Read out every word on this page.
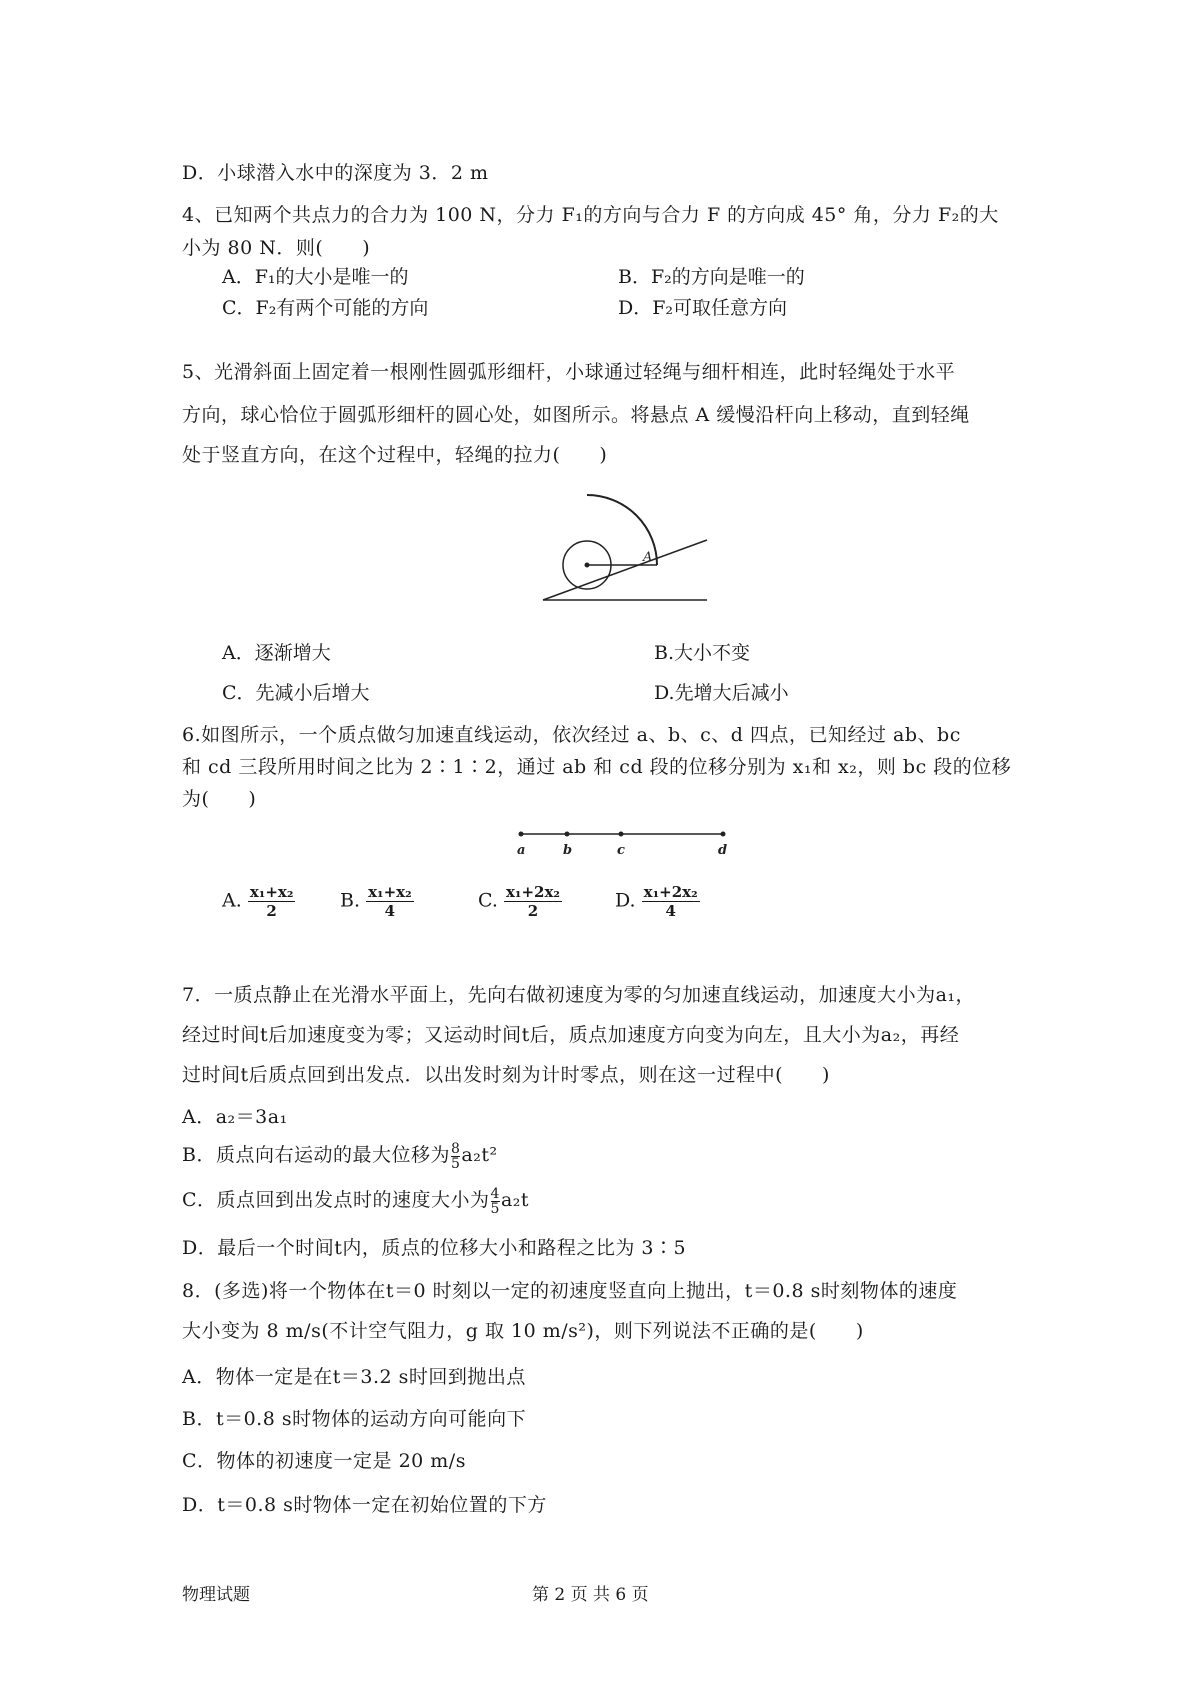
D．小球潜入水中的深度为 3．2 m
4、已知两个共点力的合力为 100 N，分力 F₁的方向与合力 F 的方向成 45° 角，分力 F₂的大
小为 80 N．则(　　)
A．F₁的大小是唯一的	B．F₂的方向是唯一的
C．F₂有两个可能的方向	D．F₂可取任意方向
5、光滑斜面上固定着一根刚性圆弧形细杆，小球通过轻绳与细杆相连，此时轻绳处于水平
方向，球心恰位于圆弧形细杆的圆心处，如图所示。将悬点 A 缓慢沿杆向上移动，直到轻绳
处于竖直方向，在这个过程中，轻绳的拉力(　　)
A
A．逐渐增大	B.大小不变
C．先减小后增大	D.先增大后减小
6.如图所示，一个质点做匀加速直线运动，依次经过 a、b、c、d 四点，已知经过 ab、bc
和 cd 三段所用时间之比为 2∶1∶2，通过 ab 和 cd 段的位移分别为 x₁和 x₂，则 bc 段的位移
为(　　)
a	b	c	d
A. $\frac{\text{x₁+x₂}}{2} B$. $\frac{\text{x₁+x₂}}{4}$	C. $\frac{\text{x₁+2x₂}}{2}$	D. $\frac{\text{x₁+2x₂}}{4}$
7．一质点静止在光滑水平面上，先向右做初速度为零的匀加速直线运动，加速度大小为a₁，
经过时间t后加速度变为零；又运动时间t后，质点加速度方向变为向左，且大小为a₂，再经
过时间t后质点回到出发点．以出发时刻为计时零点，则在这一过程中(　　)
A．a₂＝3a₁
B．质点向右运动的最大位移为 $\frac{8}{5} a_2t^2$
C．质点回到出发点时的速度大小为 $\frac{4}{5} a_2t$
D．最后一个时间t内，质点的位移大小和路程之比为 3∶5
8．(多选)将一个物体在t＝0 时刻以一定的初速度竖直向上抛出，t＝0.8 s时刻物体的速度
大小变为 8 m/s(不计空气阻力，g 取 10 m/s²)，则下列说法不正确的是(　　)
A．物体一定是在t＝3.2 s时回到抛出点
B．t＝0.8 s时物体的运动方向可能向下
C．物体的初速度一定是 20 m/s
D．t＝0.8 s时物体一定在初始位置的下方
物理试题	第 2 页 共 6 页
